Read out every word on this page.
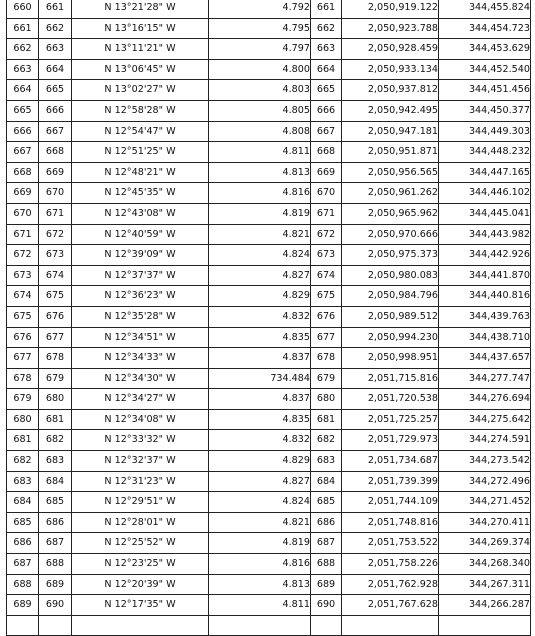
660	661	N 13°21'28" W	4.792	661	2,050,919.122	344,455.824
661	662	N 13°16'15" W	4.795	662	2,050,923.788	344,454.723
662	663	N 13°11'21" W	4.797	663	2,050,928.459	344,453.629
663	664	N 13°06'45" W	4.800	664	2,050,933.134	344,452.540
664	665	N 13°02'27" W	4.803	665	2,050,937.812	344,451.456
665	666	N 12°58'28" W	4.805	666	2,050,942.495	344,450.377
666	667	N 12°54'47" W	4.808	667	2,050,947.181	344,449.303
667	668	N 12°51'25" W	4.811	668	2,050,951.871	344,448.232
668	669	N 12°48'21" W	4.813	669	2,050,956.565	344,447.165
669	670	N 12°45'35" W	4.816	670	2,050,961.262	344,446.102
670	671	N 12°43'08" W	4.819	671	2,050,965.962	344,445.041
671	672	N 12°40'59" W	4.821	672	2,050,970.666	344,443.982
672	673	N 12°39'09" W	4.824	673	2,050,975.373	344,442.926
673	674	N 12°37'37" W	4.827	674	2,050,980.083	344,441.870
674	675	N 12°36'23" W	4.829	675	2,050,984.796	344,440.816
675	676	N 12°35'28" W	4.832	676	2,050,989.512	344,439.763
676	677	N 12°34'51" W	4.835	677	2,050,994.230	344,438.710
677	678	N 12°34'33" W	4.837	678	2,050,998.951	344,437.657
678	679	N 12°34'30" W	734.484	679	2,051,715.816	344,277.747
679	680	N 12°34'27" W	4.837	680	2,051,720.538	344,276.694
680	681	N 12°34'08" W	4.835	681	2,051,725.257	344,275.642
681	682	N 12°33'32" W	4.832	682	2,051,729.973	344,274.591
682	683	N 12°32'37" W	4.829	683	2,051,734.687	344,273.542
683	684	N 12°31'23" W	4.827	684	2,051,739.399	344,272.496
684	685	N 12°29'51" W	4.824	685	2,051,744.109	344,271.452
685	686	N 12°28'01" W	4.821	686	2,051,748.816	344,270.411
686	687	N 12°25'52" W	4.819	687	2,051,753.522	344,269.374
687	688	N 12°23'25" W	4.816	688	2,051,758.226	344,268.340
688	689	N 12°20'39" W	4.813	689	2,051,762.928	344,267.311
689	690	N 12°17'35" W	4.811	690	2,051,767.628	344,266.287
